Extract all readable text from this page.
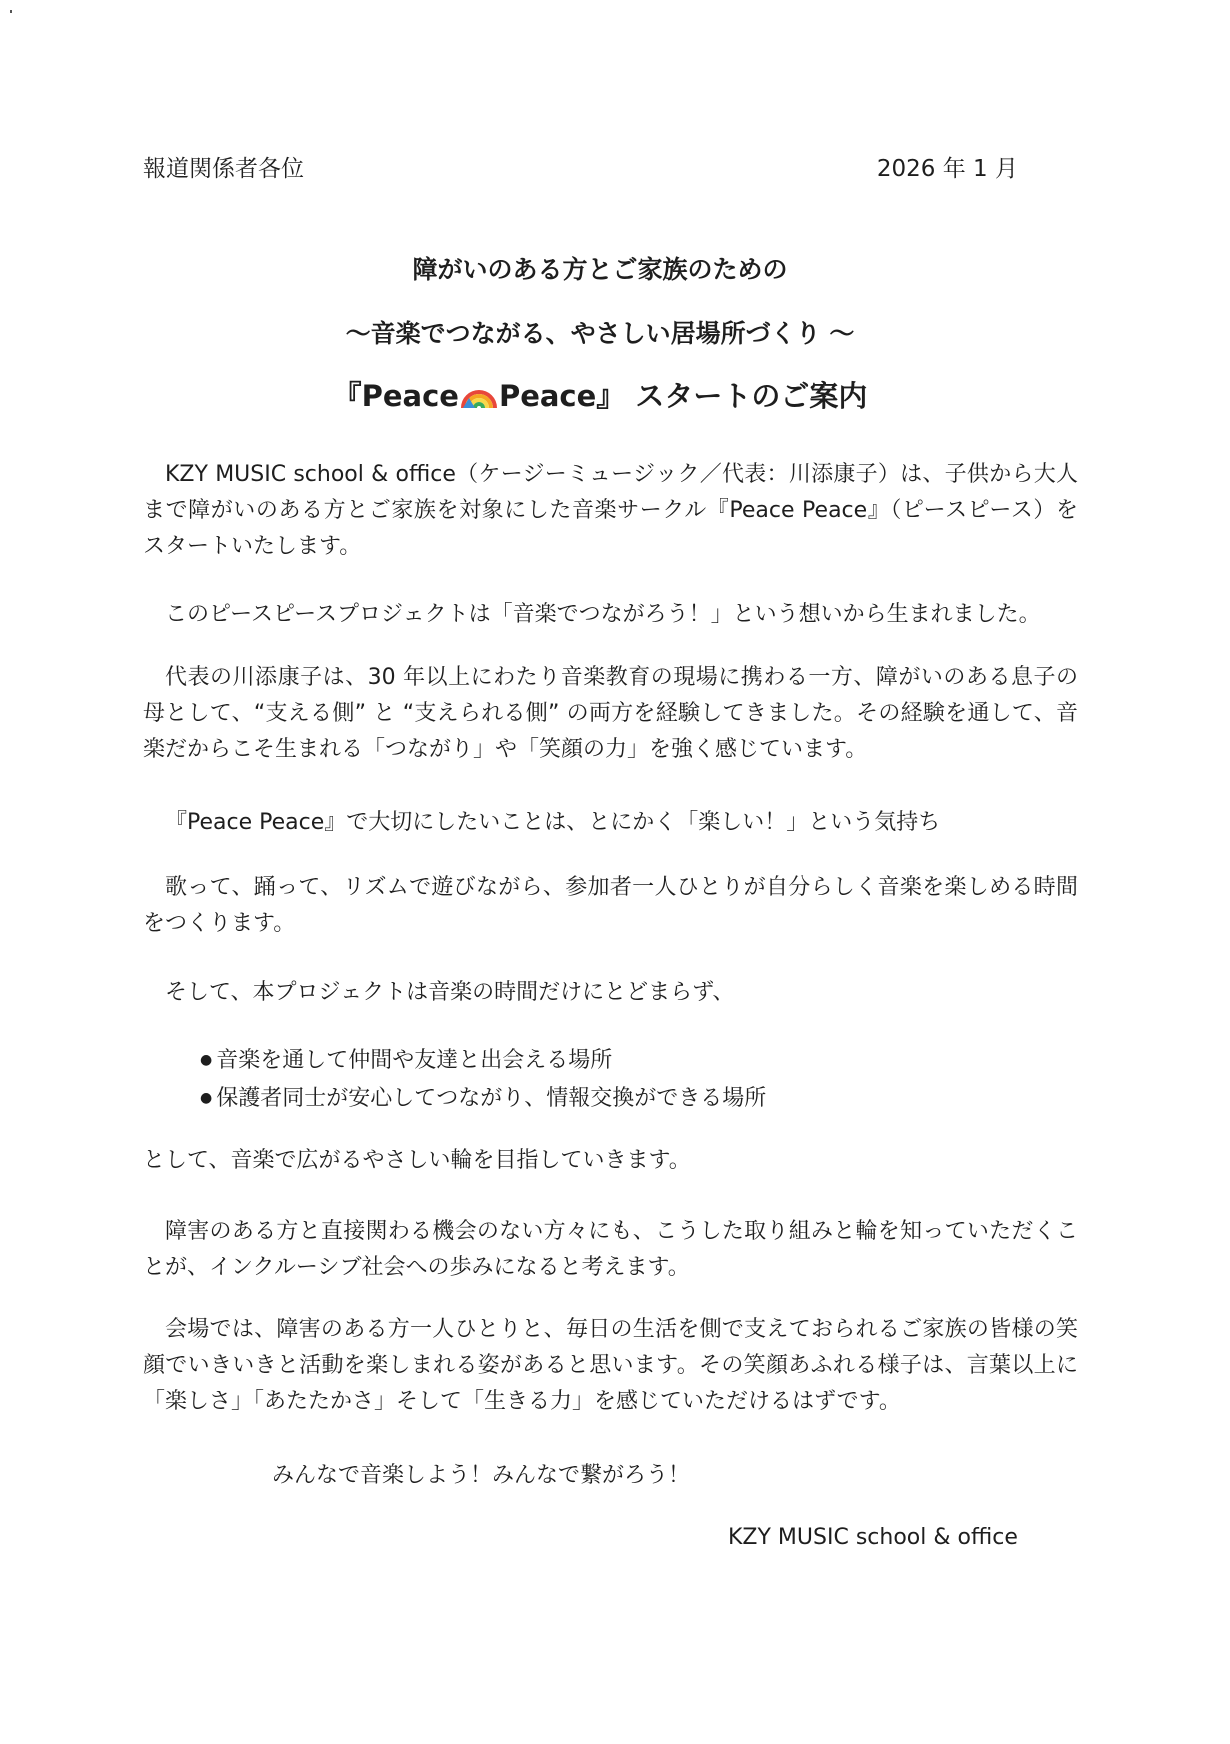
報道関係者各位	2026 年 1 月
障がいのある方とご家族のための
～音楽でつながる、やさしい居場所づくり ～
『Peace Peace』 スタートのご案内
KZY MUSIC school & office（ケージーミュージック／代表：川添康子）は、子供から大人まで障がいのある方とご家族を対象にした音楽サークル『Peace Peace』（ピースピース）をスタートいたします。
このピースピースプロジェクトは「音楽でつながろう！」という想いから生まれました。
代表の川添康子は、30 年以上にわたり音楽教育の現場に携わる一方、障がいのある息子の母として、“支える側” と “支えられる側” の両方を経験してきました。その経験を通して、音楽だからこそ生まれる「つながり」や「笑顔の力」を強く感じています。
『Peace Peace』で大切にしたいことは、とにかく「楽しい！」という気持ち
歌って、踊って、リズムで遊びながら、参加者一人ひとりが自分らしく音楽を楽しめる時間をつくります。
そして、本プロジェクトは音楽の時間だけにとどまらず、
● 音楽を通して仲間や友達と出会える場所
● 保護者同士が安心してつながり、情報交換ができる場所
として、音楽で広がるやさしい輪を目指していきます。
障害のある方と直接関わる機会のない方々にも、こうした取り組みと輪を知っていただくことが、インクルーシブ社会への歩みになると考えます。
会場では、障害のある方一人ひとりと、毎日の生活を側で支えておられるご家族の皆様の笑顔でいきいきと活動を楽しまれる姿があると思います。その笑顔あふれる様子は、言葉以上に「楽しさ」「あたたかさ」そして「生きる力」を感じていただけるはずです。
みんなで音楽しよう！みんなで繋がろう！
KZY MUSIC school & office
